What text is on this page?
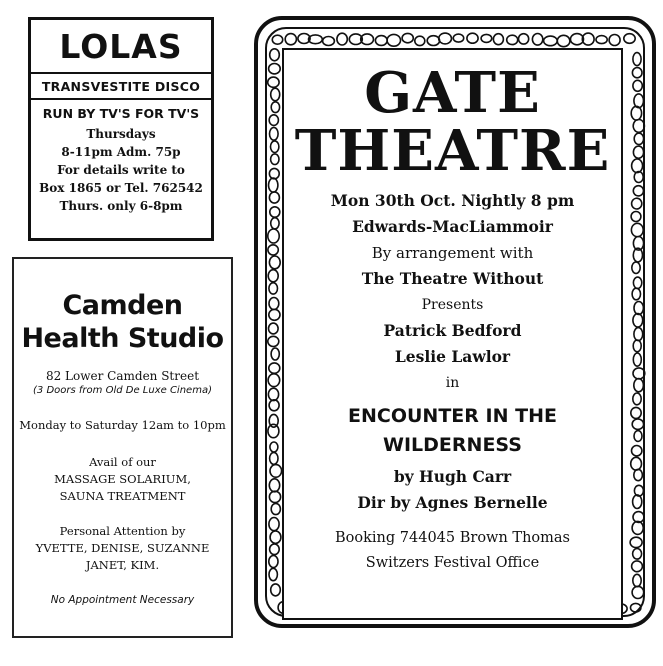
LOLAS
TRANSVESTITE DISCO
RUN BY TV'S FOR TV'S
Thursdays
8-11pm Adm. 75p
For details write to
Box 1865 or Tel. 762542
Thurs. only 6-8pm
Camden
Health Studio
82 Lower Camden Street
(3 Doors from Old De Luxe Cinema)
Monday to Saturday 12am to 10pm
Avail of our
MASSAGE SOLARIUM,
SAUNA TREATMENT
Personal Attention by
YVETTE, DENISE, SUZANNE
JANET, KIM.
No Appointment Necessary
GATE
THEATRE
Mon 30th Oct. Nightly 8 pm
Edwards-MacLiammoir
By arrangement with
The Theatre Without
Presents
Patrick Bedford
Leslie Lawlor
in
ENCOUNTER IN THE
WILDERNESS
by Hugh Carr
Dir by Agnes Bernelle
Booking 744045 Brown Thomas
Switzers Festival Office
